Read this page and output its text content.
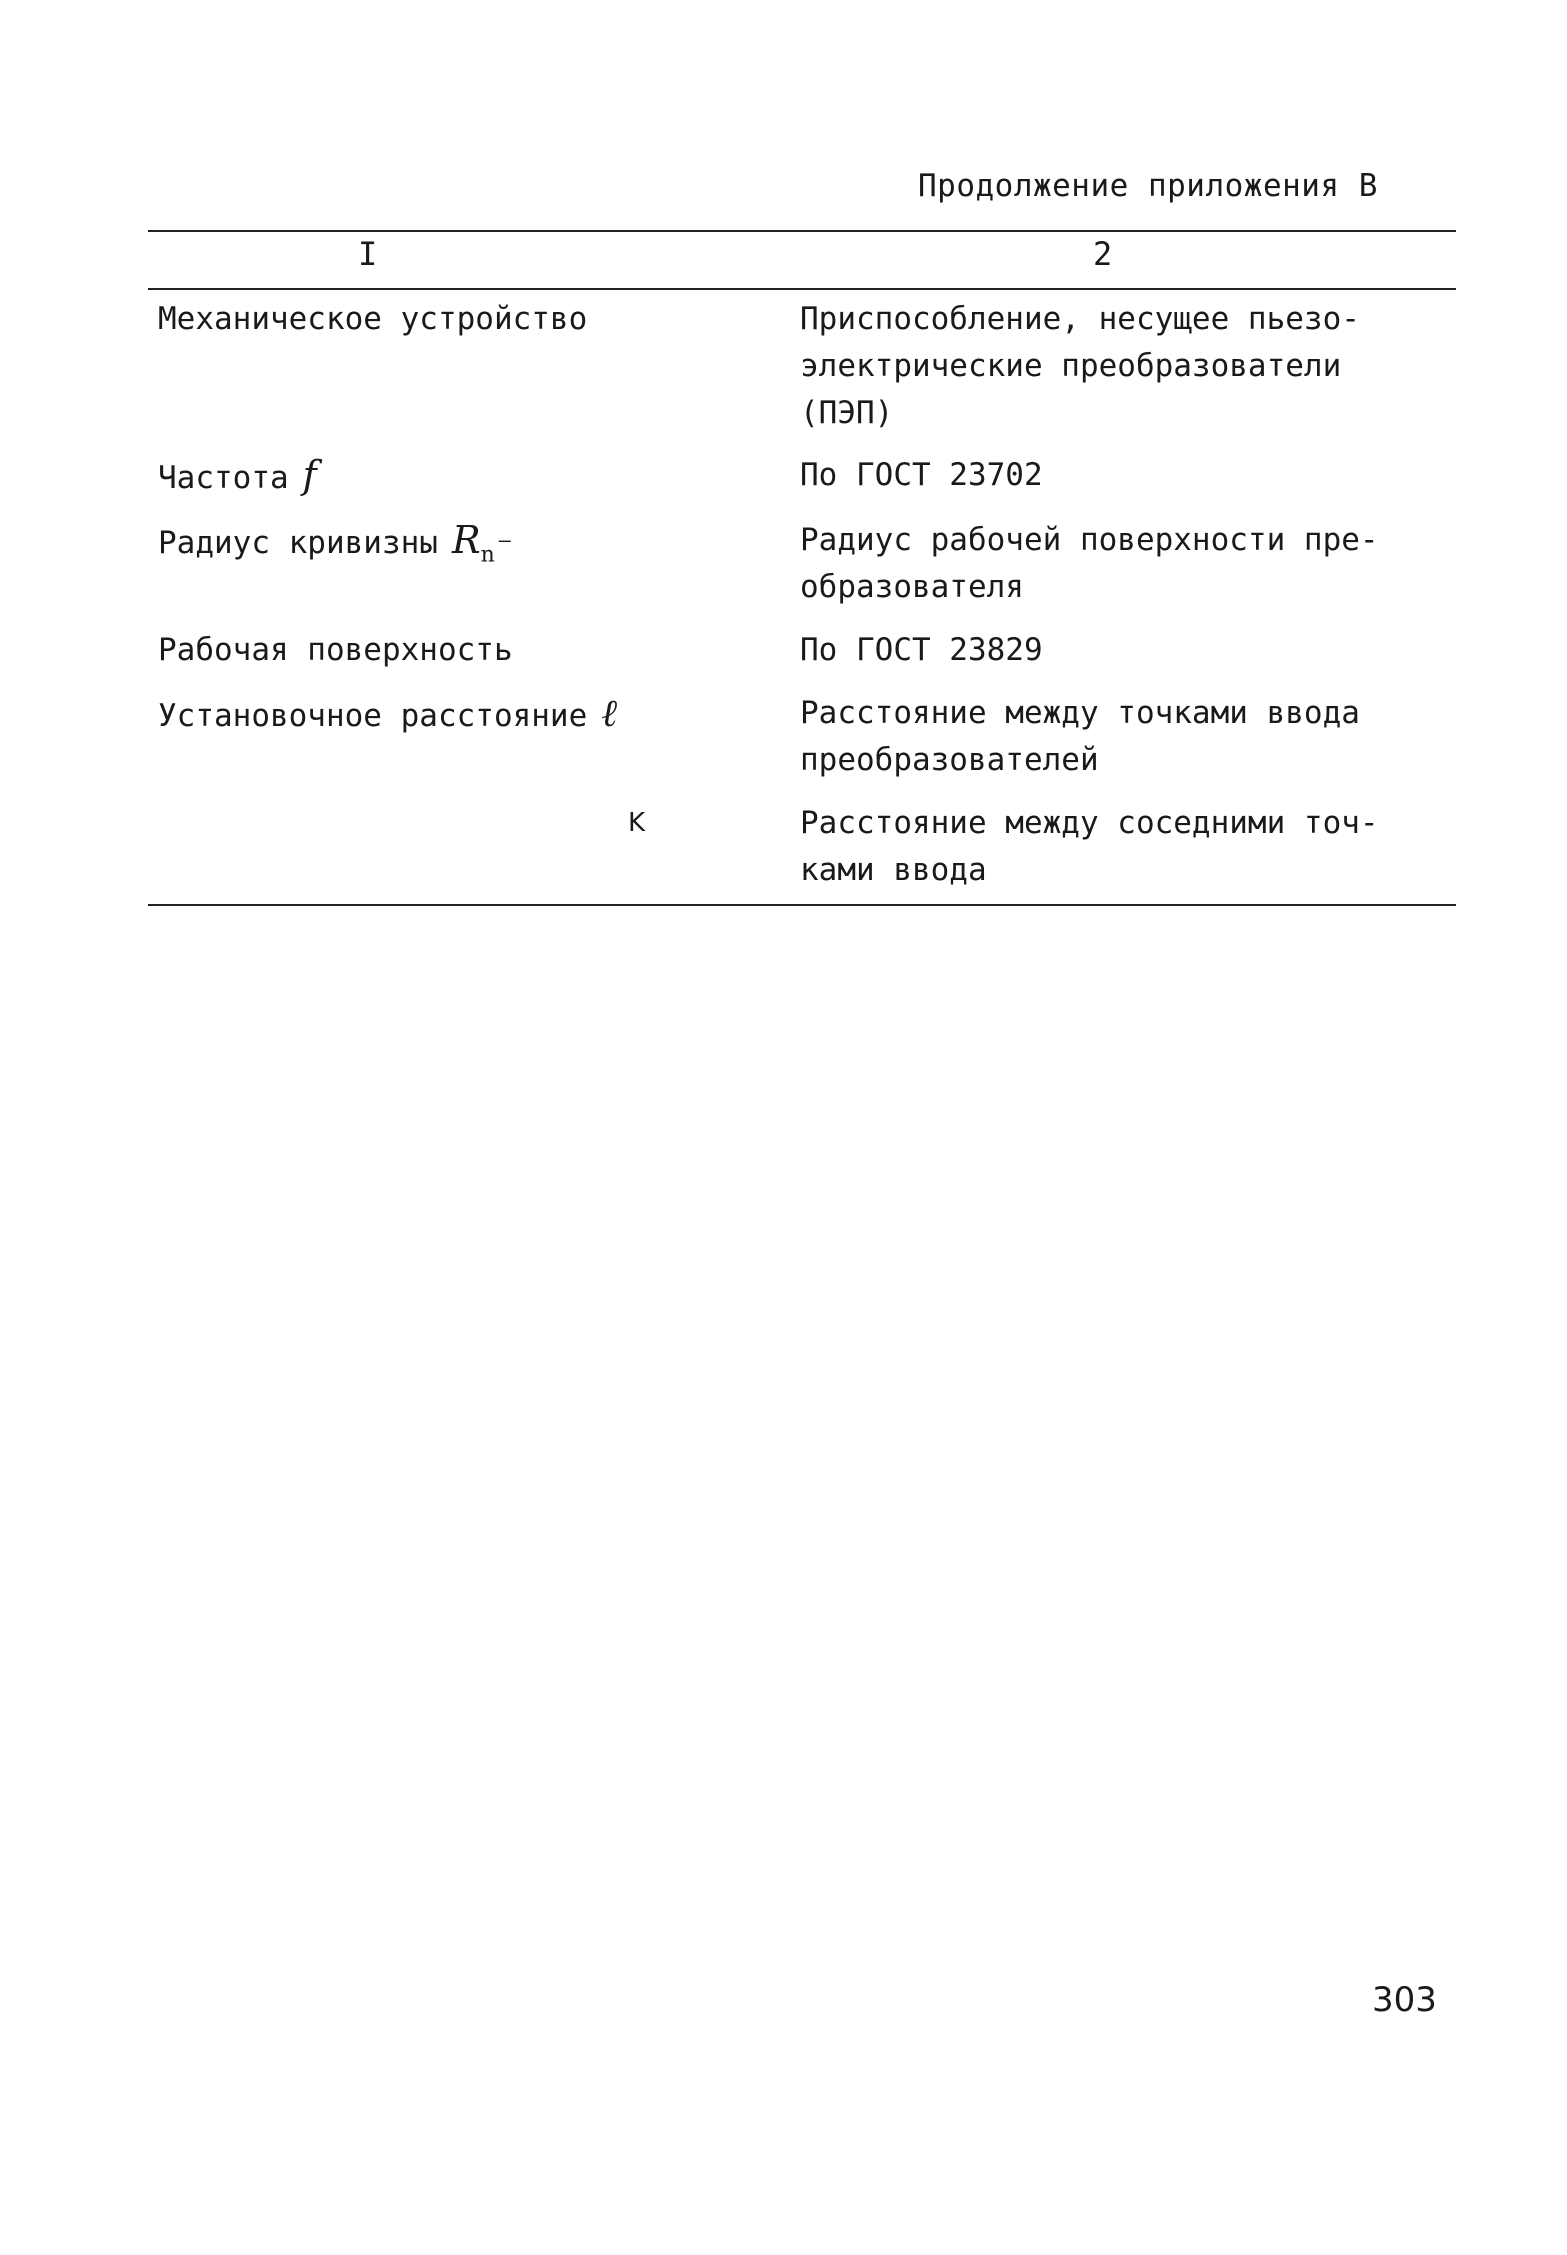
Продолжение приложения В
I	2
Механическое устройство	Приспособление, несущее пьезо-
электрические преобразователи
(ПЭП)
Частота f	По ГОСТ 23702
Радиус кривизны $R_n^-$	Радиус рабочей поверхности пре-
образователя
Рабочая поверхность	По ГОСТ 23829
Установочное расстояние ℓ	Расстояние между точками ввода
преобразователей
K	Расстояние между соседними точ-
ками ввода
303
